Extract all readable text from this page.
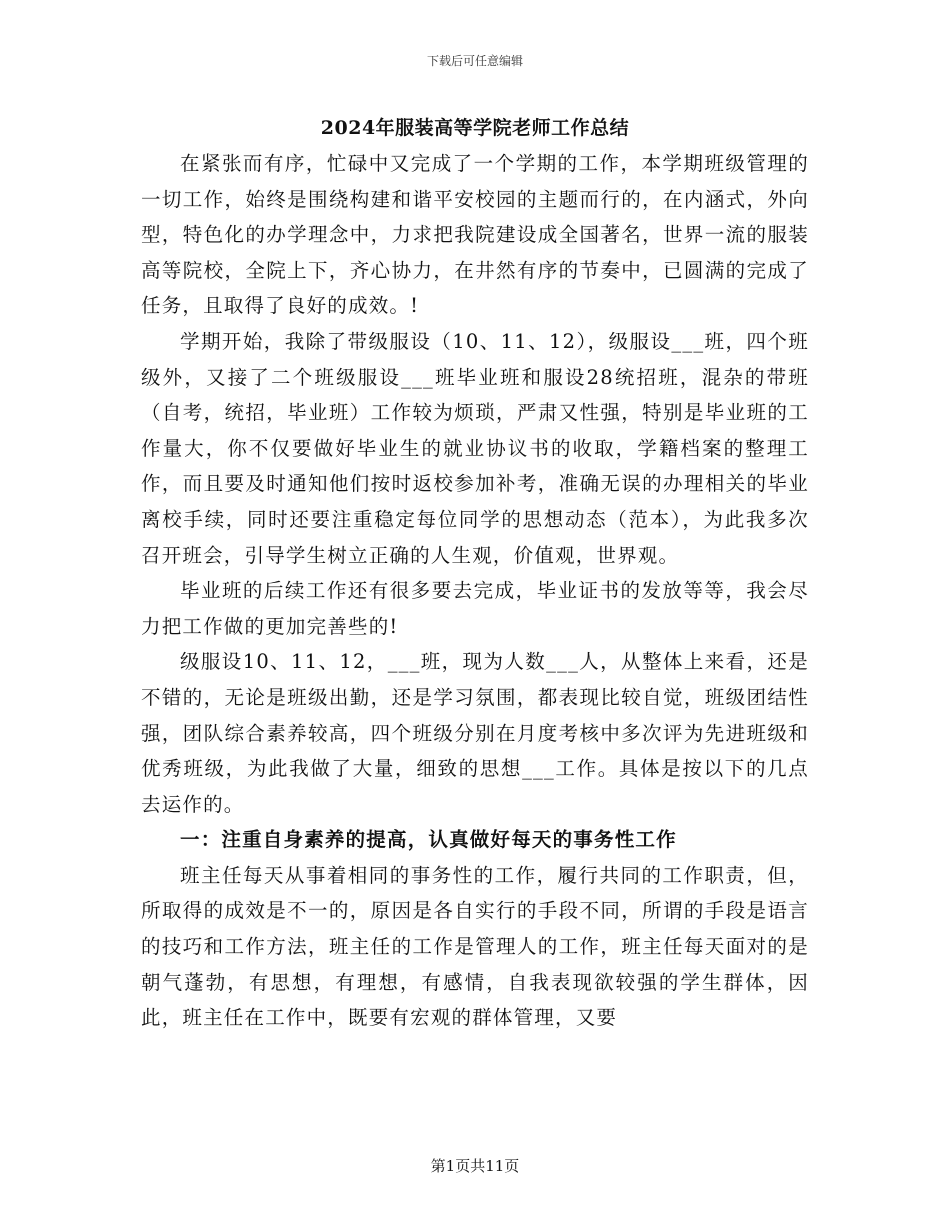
下载后可任意编辑
2024年服装高等学院老师工作总结

在紧张而有序，忙碌中又完成了一个学期的工作，本学期班级管理的一切工作，始终是围绕构建和谐平安校园的主题而行的，在内涵式，外向型，特色化的办学理念中，力求把我院建设成全国著名，世界一流的服装高等院校，全院上下，齐心协力，在井然有序的节奏中，已圆满的完成了任务，且取得了良好的成效。!

学期开始，我除了带级服设（10、11、12），级服设___班，四个班级外，又接了二个班级服设___班毕业班和服设28统招班，混杂的带班（自考，统招，毕业班）工作较为烦琐，严肃又性强，特别是毕业班的工作量大，你不仅要做好毕业生的就业协议书的收取，学籍档案的整理工作，而且要及时通知他们按时返校参加补考，准确无误的办理相关的毕业离校手续，同时还要注重稳定每位同学的思想动态（范本），为此我多次召开班会，引导学生树立正确的人生观，价值观，世界观。

毕业班的后续工作还有很多要去完成，毕业证书的发放等等，我会尽力把工作做的更加完善些的!

级服设10、11、12，___班，现为人数___人，从整体上来看，还是不错的，无论是班级出勤，还是学习氛围，都表现比较自觉，班级团结性强，团队综合素养较高，四个班级分别在月度考核中多次评为先进班级和优秀班级，为此我做了大量，细致的思想___工作。具体是按以下的几点去运作的。

一：注重自身素养的提高，认真做好每天的事务性工作

班主任每天从事着相同的事务性的工作，履行共同的工作职责，但，所取得的成效是不一的，原因是各自实行的手段不同，所谓的手段是语言的技巧和工作方法，班主任的工作是管理人的工作，班主任每天面对的是朝气蓬勃，有思想，有理想，有感情，自我表现欲较强的学生群体，因此，班主任在工作中，既要有宏观的群体管理，又要

第1页共11页
